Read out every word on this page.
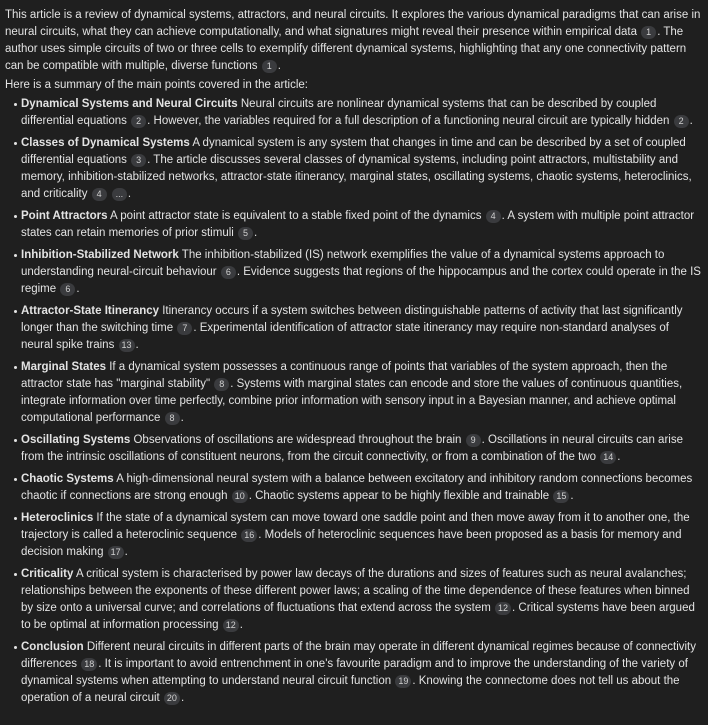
This article is a review of dynamical systems, attractors, and neural circuits. It explores the various dynamical paradigms that can arise in neural circuits, what they can achieve computationally, and what signatures might reveal their presence within empirical data 1 . The author uses simple circuits of two or three cells to exemplify different dynamical systems, highlighting that any one connectivity pattern can be compatible with multiple, diverse functions 1 .

Here is a summary of the main points covered in the article:

Dynamical Systems and Neural Circuits Neural circuits are nonlinear dynamical systems that can be described by coupled differential equations 2 . However, the variables required for a full description of a functioning neural circuit are typically hidden 2 .
Classes of Dynamical Systems A dynamical system is any system that changes in time and can be described by a set of coupled differential equations 3 . The article discusses several classes of dynamical systems, including point attractors, multistability and memory, inhibition-stabilized networks, attractor-state itinerancy, marginal states, oscillating systems, chaotic systems, heteroclinics, and criticality 4 ... .
Point Attractors A point attractor state is equivalent to a stable fixed point of the dynamics 4 . A system with multiple point attractor states can retain memories of prior stimuli 5 .
Inhibition-Stabilized Network The inhibition-stabilized (IS) network exemplifies the value of a dynamical systems approach to understanding neural-circuit behaviour 6 . Evidence suggests that regions of the hippocampus and the cortex could operate in the IS regime 6 .
Attractor-State Itinerancy Itinerancy occurs if a system switches between distinguishable patterns of activity that last significantly longer than the switching time 7 . Experimental identification of attractor state itinerancy may require non-standard analyses of neural spike trains 13 .
Marginal States If a dynamical system possesses a continuous range of points that variables of the system approach, then the attractor state has "marginal stability" 8 . Systems with marginal states can encode and store the values of continuous quantities, integrate information over time perfectly, combine prior information with sensory input in a Bayesian manner, and achieve optimal computational performance 8 .
Oscillating Systems Observations of oscillations are widespread throughout the brain 9 . Oscillations in neural circuits can arise from the intrinsic oscillations of constituent neurons, from the circuit connectivity, or from a combination of the two 14 .
Chaotic Systems A high-dimensional neural system with a balance between excitatory and inhibitory random connections becomes chaotic if connections are strong enough 10 . Chaotic systems appear to be highly flexible and trainable 15 .
Heteroclinics If the state of a dynamical system can move toward one saddle point and then move away from it to another one, the trajectory is called a heteroclinic sequence 16 . Models of heteroclinic sequences have been proposed as a basis for memory and decision making 17 .
Criticality A critical system is characterised by power law decays of the durations and sizes of features such as neural avalanches; relationships between the exponents of these different power laws; a scaling of the time dependence of these features when binned by size onto a universal curve; and correlations of fluctuations that extend across the system 12 . Critical systems have been argued to be optimal at information processing 12 .
Conclusion Different neural circuits in different parts of the brain may operate in different dynamical regimes because of connectivity differences 18 . It is important to avoid entrenchment in one's favourite paradigm and to improve the understanding of the variety of dynamical systems when attempting to understand neural circuit function 19 . Knowing the connectome does not tell us about the operation of a neural circuit 20 .
